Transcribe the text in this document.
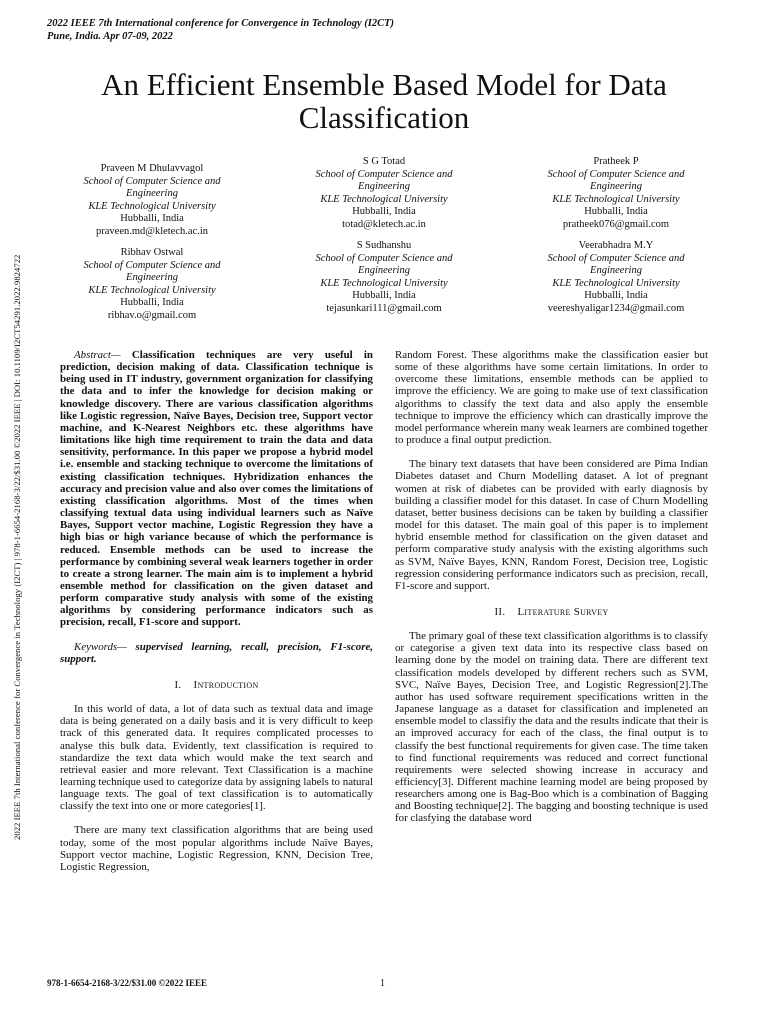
2022 IEEE 7th International conference for Convergence in Technology (I2CT)
Pune, India. Apr 07-09, 2022
An Efficient Ensemble Based Model for Data
Classification
Praveen M Dhulavvagol
School of Computer Science and
Engineering
KLE Technological University
Hubballi, India
praveen.md@kletech.ac.in
S G Totad
School of Computer Science and
Engineering
KLE Technological University
Hubballi, India
totad@kletech.ac.in
Pratheek P
School of Computer Science and
Engineering
KLE Technological University
Hubballi, India
pratheek076@gmail.com
Ribhav Ostwal
School of Computer Science and
Engineering
KLE Technological University
Hubballi, India
ribhav.o@gmail.com
S Sudhanshu
School of Computer Science and
Engineering
KLE Technological University
Hubballi, India
tejasunkari111@gmail.com
Veerabhadra M.Y
School of Computer Science and
Engineering
KLE Technological University
Hubballi, India
veereshyaligar1234@gmail.com
2022 IEEE 7th International conference for Convergence in Technology (I2CT) | 978-1-6654-2168-3/22/$31.00 ©2022 IEEE | DOI: 10.1109/I2CT54291.2022.9824722	Abstract— Classification techniques are very useful in prediction, decision making of data. Classification technique is being used in IT industry, government organization for classifying the data and to infer the knowledge for decision making or knowledge discovery. There are various classification algorithms like Logistic regression, Naïve Bayes, Decision tree, Support vector machine, and K-Nearest Neighbors etc. these algorithms have limitations like high time requirement to train the data and data sensitivity, performance. In this paper we propose a hybrid model i.e. ensemble and stacking technique to overcome the limitations of existing classification techniques. Hybridization enhances the accuracy and precision value and also over comes the limitations of existing classification algorithms. Most of the times when classifying textual data using individual learners such as Naïve Bayes, Support vector machine, Logistic Regression they have a high bias or high variance because of which the performance is reduced. Ensemble methods can be used to increase the performance by combining several weak learners together in order to create a strong learner. The main aim is to implement a hybrid ensemble method for classification on the given dataset and perform comparative study analysis with some of the existing algorithms by considering performance indicators such as precision, recall, F1-score and support.

Keywords— supervised learning, recall, precision, F1-score, support.

I. Introduction

In this world of data, a lot of data such as textual data and image data is being generated on a daily basis and it is very difficult to keep track of this generated data. It requires complicated processes to analyse this bulk data. Evidently, text classification is required to standardize the text data which would make the text search and retrieval easier and more relevant. Text Classification is a machine learning technique used to categorize data by assigning labels to natural language texts. The goal of text classification is to automatically classify the text into one or more categories[1].

There are many text classification algorithms that are being used today, some of the most popular algorithms include Naïve Bayes, Support vector machine, Logistic Regression, KNN, Decision Tree, Logistic Regression,

Random Forest. These algorithms make the classification easier but some of these algorithms have some certain limitations. In order to overcome these limitations, ensemble methods can be applied to improve the efficiency. We are going to make use of text classification algorithms to classify the text data and also apply the ensemble technique to improve the efficiency which can drastically improve the model performance wherein many weak learners are combined together to produce a final output prediction.

The binary text datasets that have been considered are Pima Indian Diabetes dataset and Churn Modelling dataset. A lot of pregnant women at risk of diabetes can be provided with early diagnosis by building a classifier model for this dataset. In case of Churn Modelling dataset, better business decisions can be taken by building a classifier model for this dataset. The main goal of this paper is to implement hybrid ensemble method for classification on the given dataset and perform comparative study analysis with the existing algorithms such as SVM, Naïve Bayes, KNN, Random Forest, Decision tree, Logistic regression considering performance indicators such as precision, recall, F1-score and support.

II. Literature Survey

The primary goal of these text classification algorithms is to classify or categorise a given text data into its respective class based on learning done by the model on training data. There are different text classification models developed by different rechers such as SVM, SVC, Naïve Bayes, Decision Tree, and Logistic Regression[2].The author has used software requirement specifications written in the Japanese language as a dataset for classification and impleneted an ensemble model to classifiy the data and the results indicate that their is an improved accuracy for each of the class, the final output is to classify the best functional requirements for given case. The time taken to find functional requirements was reduced and correct functional requirements were selected showing increase in accuracy and efficiency[3]. Different machine learning model are being proposed by researchers among one is Bag-Boo which is a combination of Bagging and Boosting technique[2]. The bagging and boosting technique is used for clasfying the database word

978-1-6654-2168-3/22/$31.00 ©2022 IEEE	1
